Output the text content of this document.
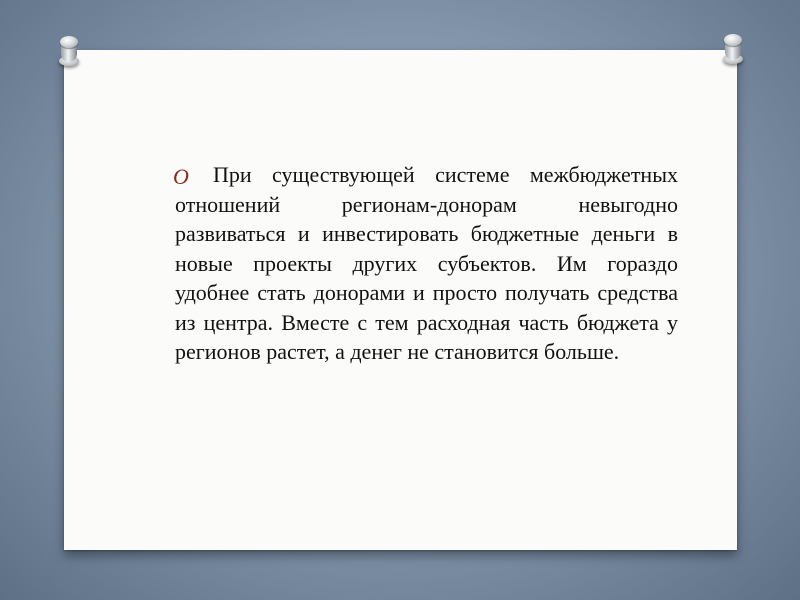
O	При существующей системе межбюджетных отношений регионам-донорам невыгодно развиваться и инвестировать бюджетные деньги в новые проекты других субъектов. Им гораздо удобнее стать донорами и просто получать средства из центра. Вместе с тем расходная часть бюджета у регионов растет, а денег не становится больше.
